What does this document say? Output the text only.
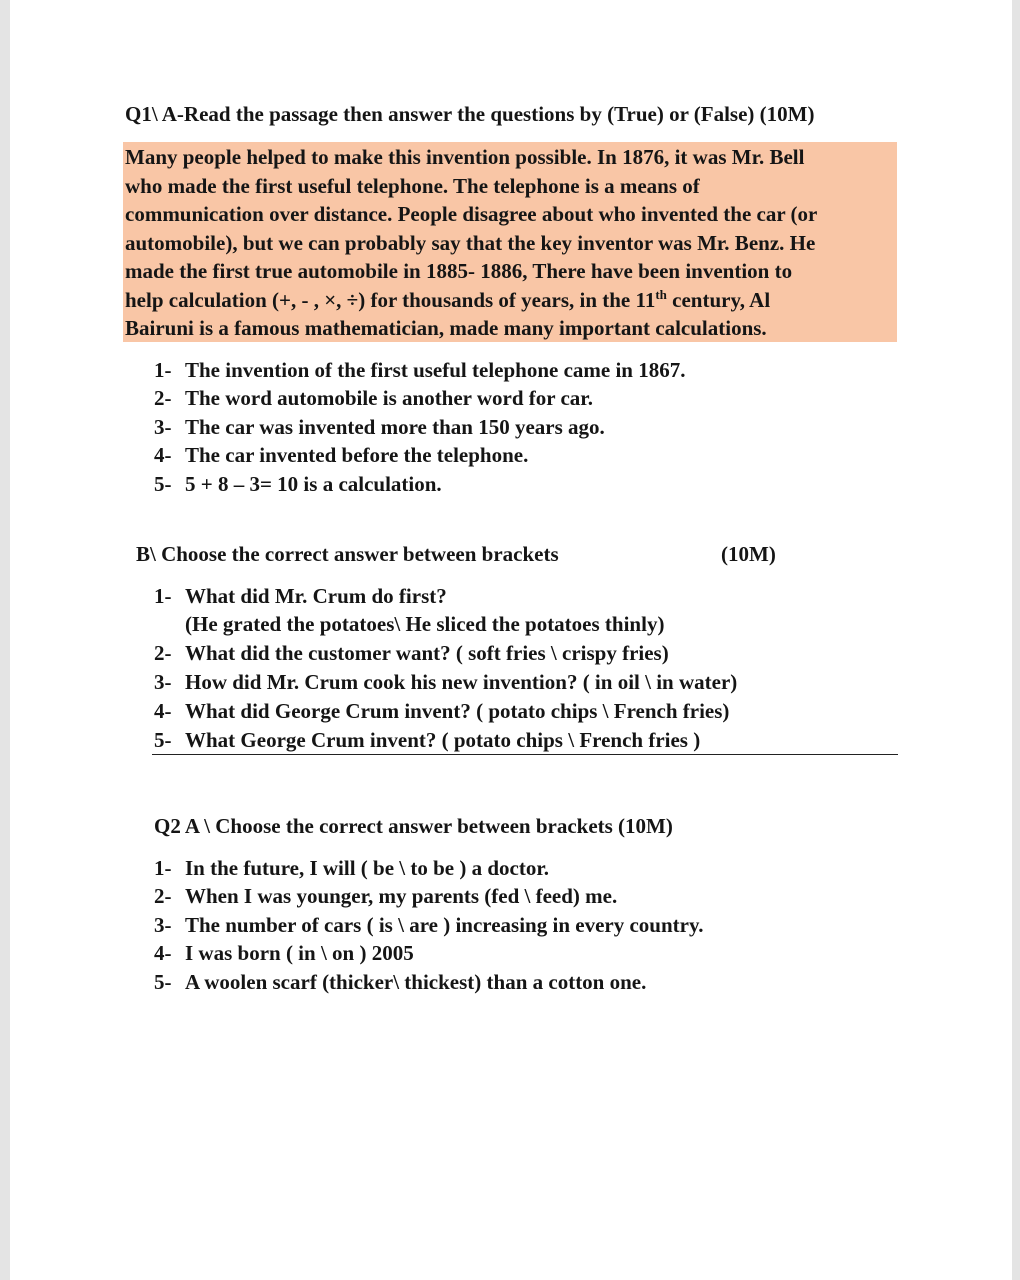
Q1\ A-Read the passage then answer the questions by (True) or (False) (10M)
Many people helped to make this invention possible. In 1876, it was Mr. Bell
who made the first useful telephone. The telephone is a means of
communication over distance. People disagree about who invented the car (or
automobile), but we can probably say that the key inventor was Mr. Benz. He
made the first true automobile in 1885- 1886, There have been invention to
help calculation (+, - , ×, ÷) for thousands of years, in the 11th century, Al
Bairuni is a famous mathematician, made many important calculations.
1- The invention of the first useful telephone came in 1867.
2- The word automobile is another word for car.
3- The car was invented more than 150 years ago.
4- The car invented before the telephone.
5- 5 + 8 – 3= 10 is a calculation.
B\ Choose the correct answer between brackets	(10M)
1- What did Mr. Crum do first?
(He grated the potatoes\ He sliced the potatoes thinly)
2- What did the customer want? ( soft fries \ crispy fries)
3- How did Mr. Crum cook his new invention? ( in oil \ in water)
4- What did George Crum invent? ( potato chips \ French fries)
5- What George Crum invent? ( potato chips \ French fries )
Q2 A \ Choose the correct answer between brackets (10M)
1- In the future, I will ( be \ to be ) a doctor.
2- When I was younger, my parents (fed \ feed) me.
3- The number of cars ( is \ are ) increasing in every country.
4- I was born ( in \ on ) 2005
5- A woolen scarf (thicker\ thickest) than a cotton one.
